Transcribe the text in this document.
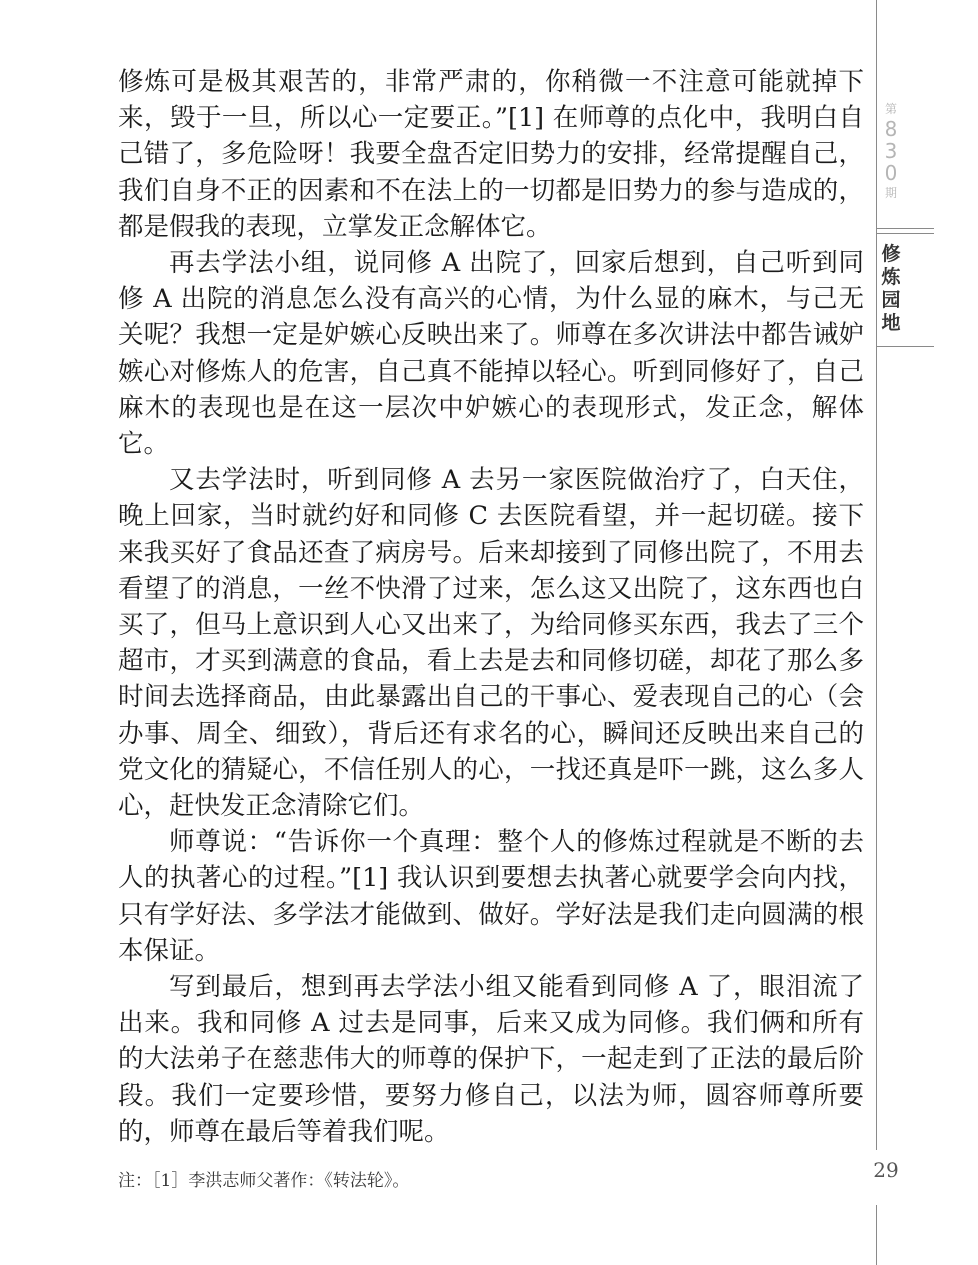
第
8
3
0
期
修
炼
园
地

修炼可是极其艰苦的，非常严肃的，你稍微一不注意可能就掉下来，毁于一旦，所以心一定要正。”[1] 在师尊的点化中，我明白自己错了，多危险呀！我要全盘否定旧势力的安排，经常提醒自己，我们自身不正的因素和不在法上的一切都是旧势力的参与造成的，都是假我的表现，立掌发正念解体它。

再去学法小组，说同修 A 出院了，回家后想到，自己听到同修 A 出院的消息怎么没有高兴的心情，为什么显的麻木，与己无关呢？我想一定是妒嫉心反映出来了。师尊在多次讲法中都告诫妒嫉心对修炼人的危害，自己真不能掉以轻心。听到同修好了，自己麻木的表现也是在这一层次中妒嫉心的表现形式，发正念，解体它。

又去学法时，听到同修 A 去另一家医院做治疗了，白天住，晚上回家，当时就约好和同修 C 去医院看望，并一起切磋。接下来我买好了食品还查了病房号。后来却接到了同修出院了，不用去看望了的消息，一丝不快滑了过来，怎么这又出院了，这东西也白买了，但马上意识到人心又出来了，为给同修买东西，我去了三个超市，才买到满意的食品，看上去是去和同修切磋，却花了那么多时间去选择商品，由此暴露出自己的干事心、爱表现自己的心（会办事、周全、细致），背后还有求名的心，瞬间还反映出来自己的党文化的猜疑心，不信任别人的心，一找还真是吓一跳，这么多人心，赶快发正念清除它们。

师尊说：“告诉你一个真理：整个人的修炼过程就是不断的去人的执著心的过程。”[1] 我认识到要想去执著心就要学会向内找，只有学好法、多学法才能做到、做好。学好法是我们走向圆满的根本保证。

写到最后，想到再去学法小组又能看到同修 A 了，眼泪流了出来。我和同修 A 过去是同事，后来又成为同修。我们俩和所有的大法弟子在慈悲伟大的师尊的保护下，一起走到了正法的最后阶段。我们一定要珍惜，要努力修自己，以法为师，圆容师尊所要的，师尊在最后等着我们呢。

注：［1］李洪志师父著作：《转法轮》。	29
